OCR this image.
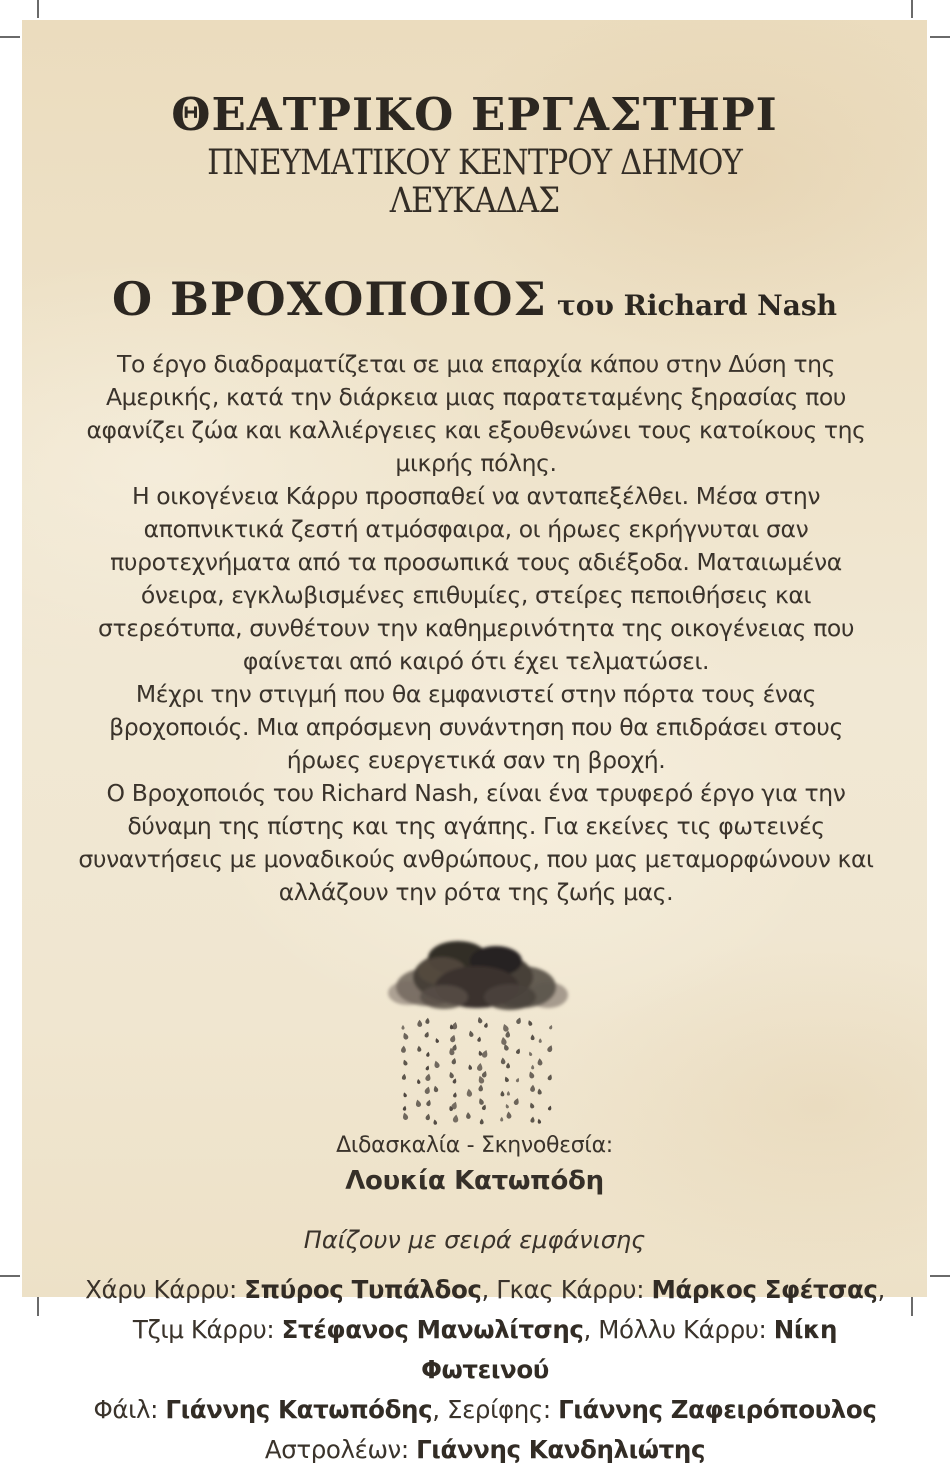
ΘΕΑΤΡΙΚΟ ΕΡΓΑΣΤΗΡΙ
ΠΝΕΥΜΑΤΙΚΟΥ ΚΕΝΤΡΟΥ ΔΗΜΟΥ ΛΕΥΚΑΔΑΣ
Ο ΒΡΟΧΟΠΟΙΟΣ του Richard Nash

Το έργο διαδραματίζεται σε μια επαρχία κάπου στην Δύση της Αμερικής, κατά την διάρκεια μιας παρατεταμένης ξηρασίας που αφανίζει ζώα και καλλιέργειες και εξουθενώνει τους κατοίκους της μικρής πόλης.

Η οικογένεια Κάρρυ προσπαθεί να ανταπεξέλθει. Μέσα στην αποπνικτικά ζεστή ατμόσφαιρα, οι ήρωες εκρήγνυται σαν πυροτεχνήματα από τα προσωπικά τους αδιέξοδα. Ματαιωμένα όνειρα, εγκλωβισμένες επιθυμίες, στείρες πεποιθήσεις και στερεότυπα, συνθέτουν την καθημερινότητα της οικογένειας που φαίνεται από καιρό ότι έχει τελματώσει.

Μέχρι την στιγμή που θα εμφανιστεί στην πόρτα τους ένας βροχοποιός. Μια απρόσμενη συνάντηση που θα επιδράσει στους ήρωες ευεργετικά σαν τη βροχή.

Ο Βροχοποιός του Richard Nash, είναι ένα τρυφερό έργο για την δύναμη της πίστης και της αγάπης. Για εκείνες τις φωτεινές συναντήσεις με μοναδικούς ανθρώπους, που μας μεταμορφώνουν και αλλάζουν την ρότα της ζωής μας.

Διδασκαλία - Σκηνοθεσία:

Λουκία Κατωπόδη

Παίζουν με σειρά εμφάνισης

Χάρυ Κάρρυ: Σπύρος Τυπάλδος, Γκας Κάρρυ: Μάρκος Σφέτσας,

Τζιμ Κάρρυ: Στέφανος Μανωλίτσης, Μόλλυ Κάρρυ: Νίκη Φωτεινού

Φάιλ: Γιάννης Κατωπόδης, Σερίφης: Γιάννης Ζαφειρόπουλος

Αστρολέων: Γιάννης Κανδηλιώτης
